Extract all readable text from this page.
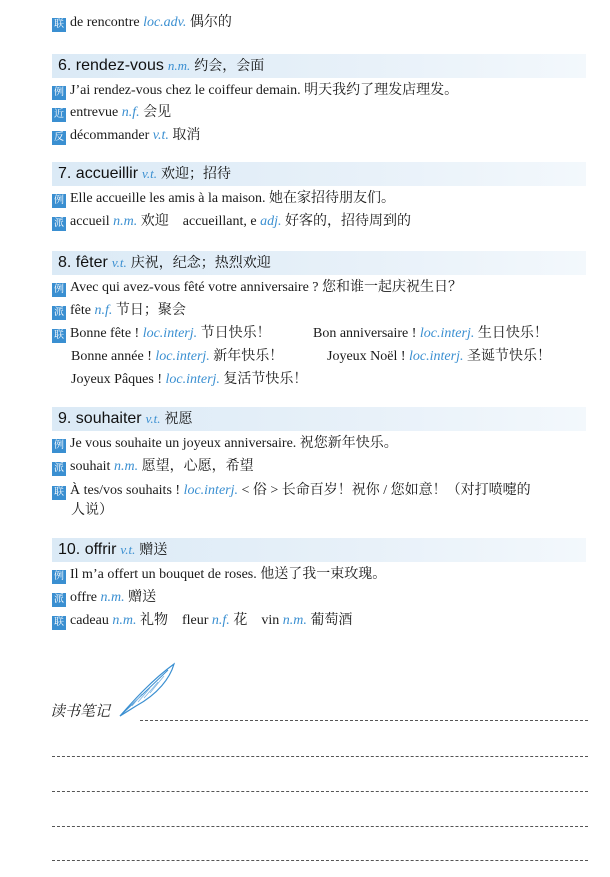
联 de rencontre loc.adv. 偶尔的
6. rendez-vous n.m. 约会，会面
例 J’ai rendez-vous chez le coiffeur demain. 明天我约了理发店理发。
近 entrevue n.f. 会见
反 décommander v.t. 取消
7. accueillir v.t. 欢迎；招待
例 Elle accueille les amis à la maison. 她在家招待朋友们。
派 accueil n.m. 欢迎 accueillant, e adj. 好客的，招待周到的
8. fêter v.t. 庆祝，纪念；热烈欢迎
例 Avec qui avez-vous fêté votre anniversaire ? 您和谁一起庆祝生日？
派 fête n.f. 节日；聚会
联 Bonne fête ! loc.interj. 节日快乐！	Bon anniversaire ! loc.interj. 生日快乐！
Bonne année ! loc.interj. 新年快乐！	Joyeux Noël ! loc.interj. 圣诞节快乐！
Joyeux Pâques ! loc.interj. 复活节快乐！
9. souhaiter v.t. 祝愿
例 Je vous souhaite un joyeux anniversaire. 祝您新年快乐。
派 souhait n.m. 愿望，心愿，希望
联 À tes/vos souhaits ! loc.interj. < 俗 > 长命百岁！祝你 / 您如意！（对打喷嚏的
人说）
10. offrir v.t. 赠送
例 Il m’a offert un bouquet de roses. 他送了我一束玫瑰。
派 offre n.m. 赠送
联 cadeau n.m. 礼物 fleur n.f. 花 vin n.m. 葡萄酒
读书笔记
